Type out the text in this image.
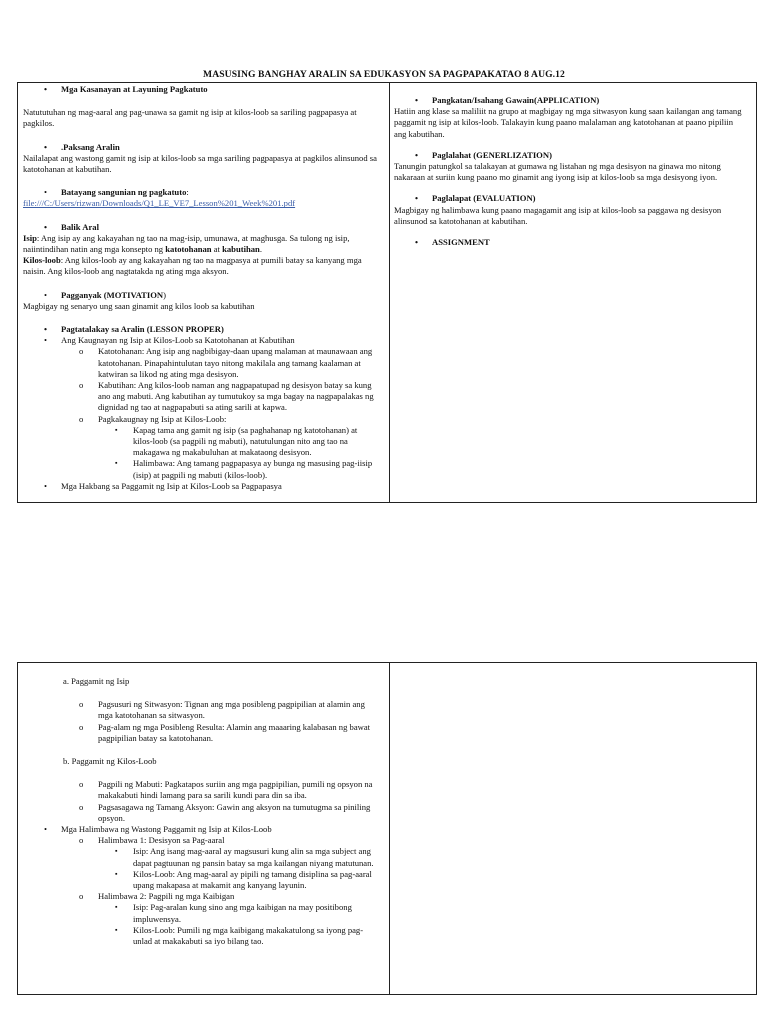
MASUSING BANGHAY ARALIN SA EDUKASYON SA PAGPAPAKATAO 8 AUG.12
• Mga Kasanayan at Layuning Pagkatuto
Natututuhan ng mag-aaral ang pag-unawa sa gamit ng isip at kilos-loob sa sariling pagpapasya at pagkilos.
• .Paksang Aralin
Nailalapat ang wastong gamit ng isip at kilos-loob sa mga sariling pagpapasya at pagkilos alinsunod sa katotohanan at kabutihan.
• Batayang sangunian ng pagkatuto:
file:///C:/Users/rizwan/Downloads/Q1_LE_VE7_Lesson%201_Week%201.pdf
• Balik Aral
Isip: Ang isip ay ang kakayahan ng tao na mag-isip, umunawa, at maghusga. Sa tulong ng isip, naiintindihan natin ang mga konsepto ng katotohanan at kabutihan.
Kilos-loob: Ang kilos-loob ay ang kakayahan ng tao na magpasya at pumili batay sa kanyang mga naisin. Ang kilos-loob ang nagtatakda ng ating mga aksyon.
• Pagganyak (MOTIVATION)
Magbigay ng senaryo ung saan ginamit ang kilos loob sa kabutihan
• Pagtatalakay sa Aralin (LESSON PROPER)
• Ang Kaugnayan ng Isip at Kilos-Loob sa Katotohanan at Kabutihan
o Katotohanan: Ang isip ang nagbibigay-daan upang malaman at maunawaan ang katotohanan. Pinapahintulutan tayo nitong makilala ang tamang kaalaman at katwiran sa likod ng ating mga desisyon.
o Kabutihan: Ang kilos-loob naman ang nagpapatupad ng desisyon batay sa kung ano ang mabuti. Ang kabutihan ay tumutukoy sa mga bagay na nagpapalakas ng dignidad ng tao at nagpapabuti sa ating sarili at kapwa.
o Pagkakaugnay ng Isip at Kilos-Loob:
▪ Kapag tama ang gamit ng isip (sa paghahanap ng katotohanan) at kilos-loob (sa pagpili ng mabuti), natutulungan nito ang tao na makagawa ng makabuluhan at makataong desisyon.
▪ Halimbawa: Ang tamang pagpapasya ay bunga ng masusing pag-iisip (isip) at pagpili ng mabuti (kilos-loob).
• Mga Hakbang sa Paggamit ng Isip at Kilos-Loob sa Pagpapasya
• Pangkatan/Isahang Gawain(APPLICATION)
Hatiin ang klase sa maliliit na grupo at magbigay ng mga sitwasyon kung saan kailangan ang tamang paggamit ng isip at kilos-loob. Talakayin kung paano malalaman ang katotohanan at paano pipiliin ang kabutihan.
• Paglalahat (GENERLIZATION)
Tanungin patungkol sa talakayan at gumawa ng listahan ng mga desisyon na ginawa mo nitong nakaraan at suriin kung paano mo ginamit ang iyong isip at kilos-loob sa mga desisyong iyon.
• Paglalapat (EVALUATION)
Magbigay ng halimbawa kung paano magagamit ang isip at kilos-loob sa paggawa ng desisyon alinsunod sa katotohanan at kabutihan.
• ASSIGNMENT
a. Paggamit ng Isip
o Pagsusuri ng Sitwasyon: Tignan ang mga posibleng pagpipilian at alamin ang mga katotohanan sa sitwasyon.
o Pag-alam ng mga Posibleng Resulta: Alamin ang maaaring kalabasan ng bawat pagpipilian batay sa katotohanan.
b. Paggamit ng Kilos-Loob
o Pagpili ng Mabuti: Pagkatapos suriin ang mga pagpipilian, pumili ng opsyon na makakabuti hindi lamang para sa sarili kundi para din sa iba.
o Pagsasagawa ng Tamang Aksyon: Gawin ang aksyon na tumutugma sa piniling opsyon.
• Mga Halimbawa ng Wastong Paggamit ng Isip at Kilos-Loob
o Halimbawa 1: Desisyon sa Pag-aaral
▪ Isip: Ang isang mag-aaral ay magsusuri kung alin sa mga subject ang dapat pagtuunan ng pansin batay sa mga kailangan niyang matutunan.
▪ Kilos-Loob: Ang mag-aaral ay pipili ng tamang disiplina sa pag-aaral upang makapasa at makamit ang kanyang layunin.
o Halimbawa 2: Pagpili ng mga Kaibigan
▪ Isip: Pag-aralan kung sino ang mga kaibigan na may positibong impluwensya.
▪ Kilos-Loob: Pumili ng mga kaibigang makakatulong sa iyong pag-unlad at makakabuti sa iyo bilang tao.
